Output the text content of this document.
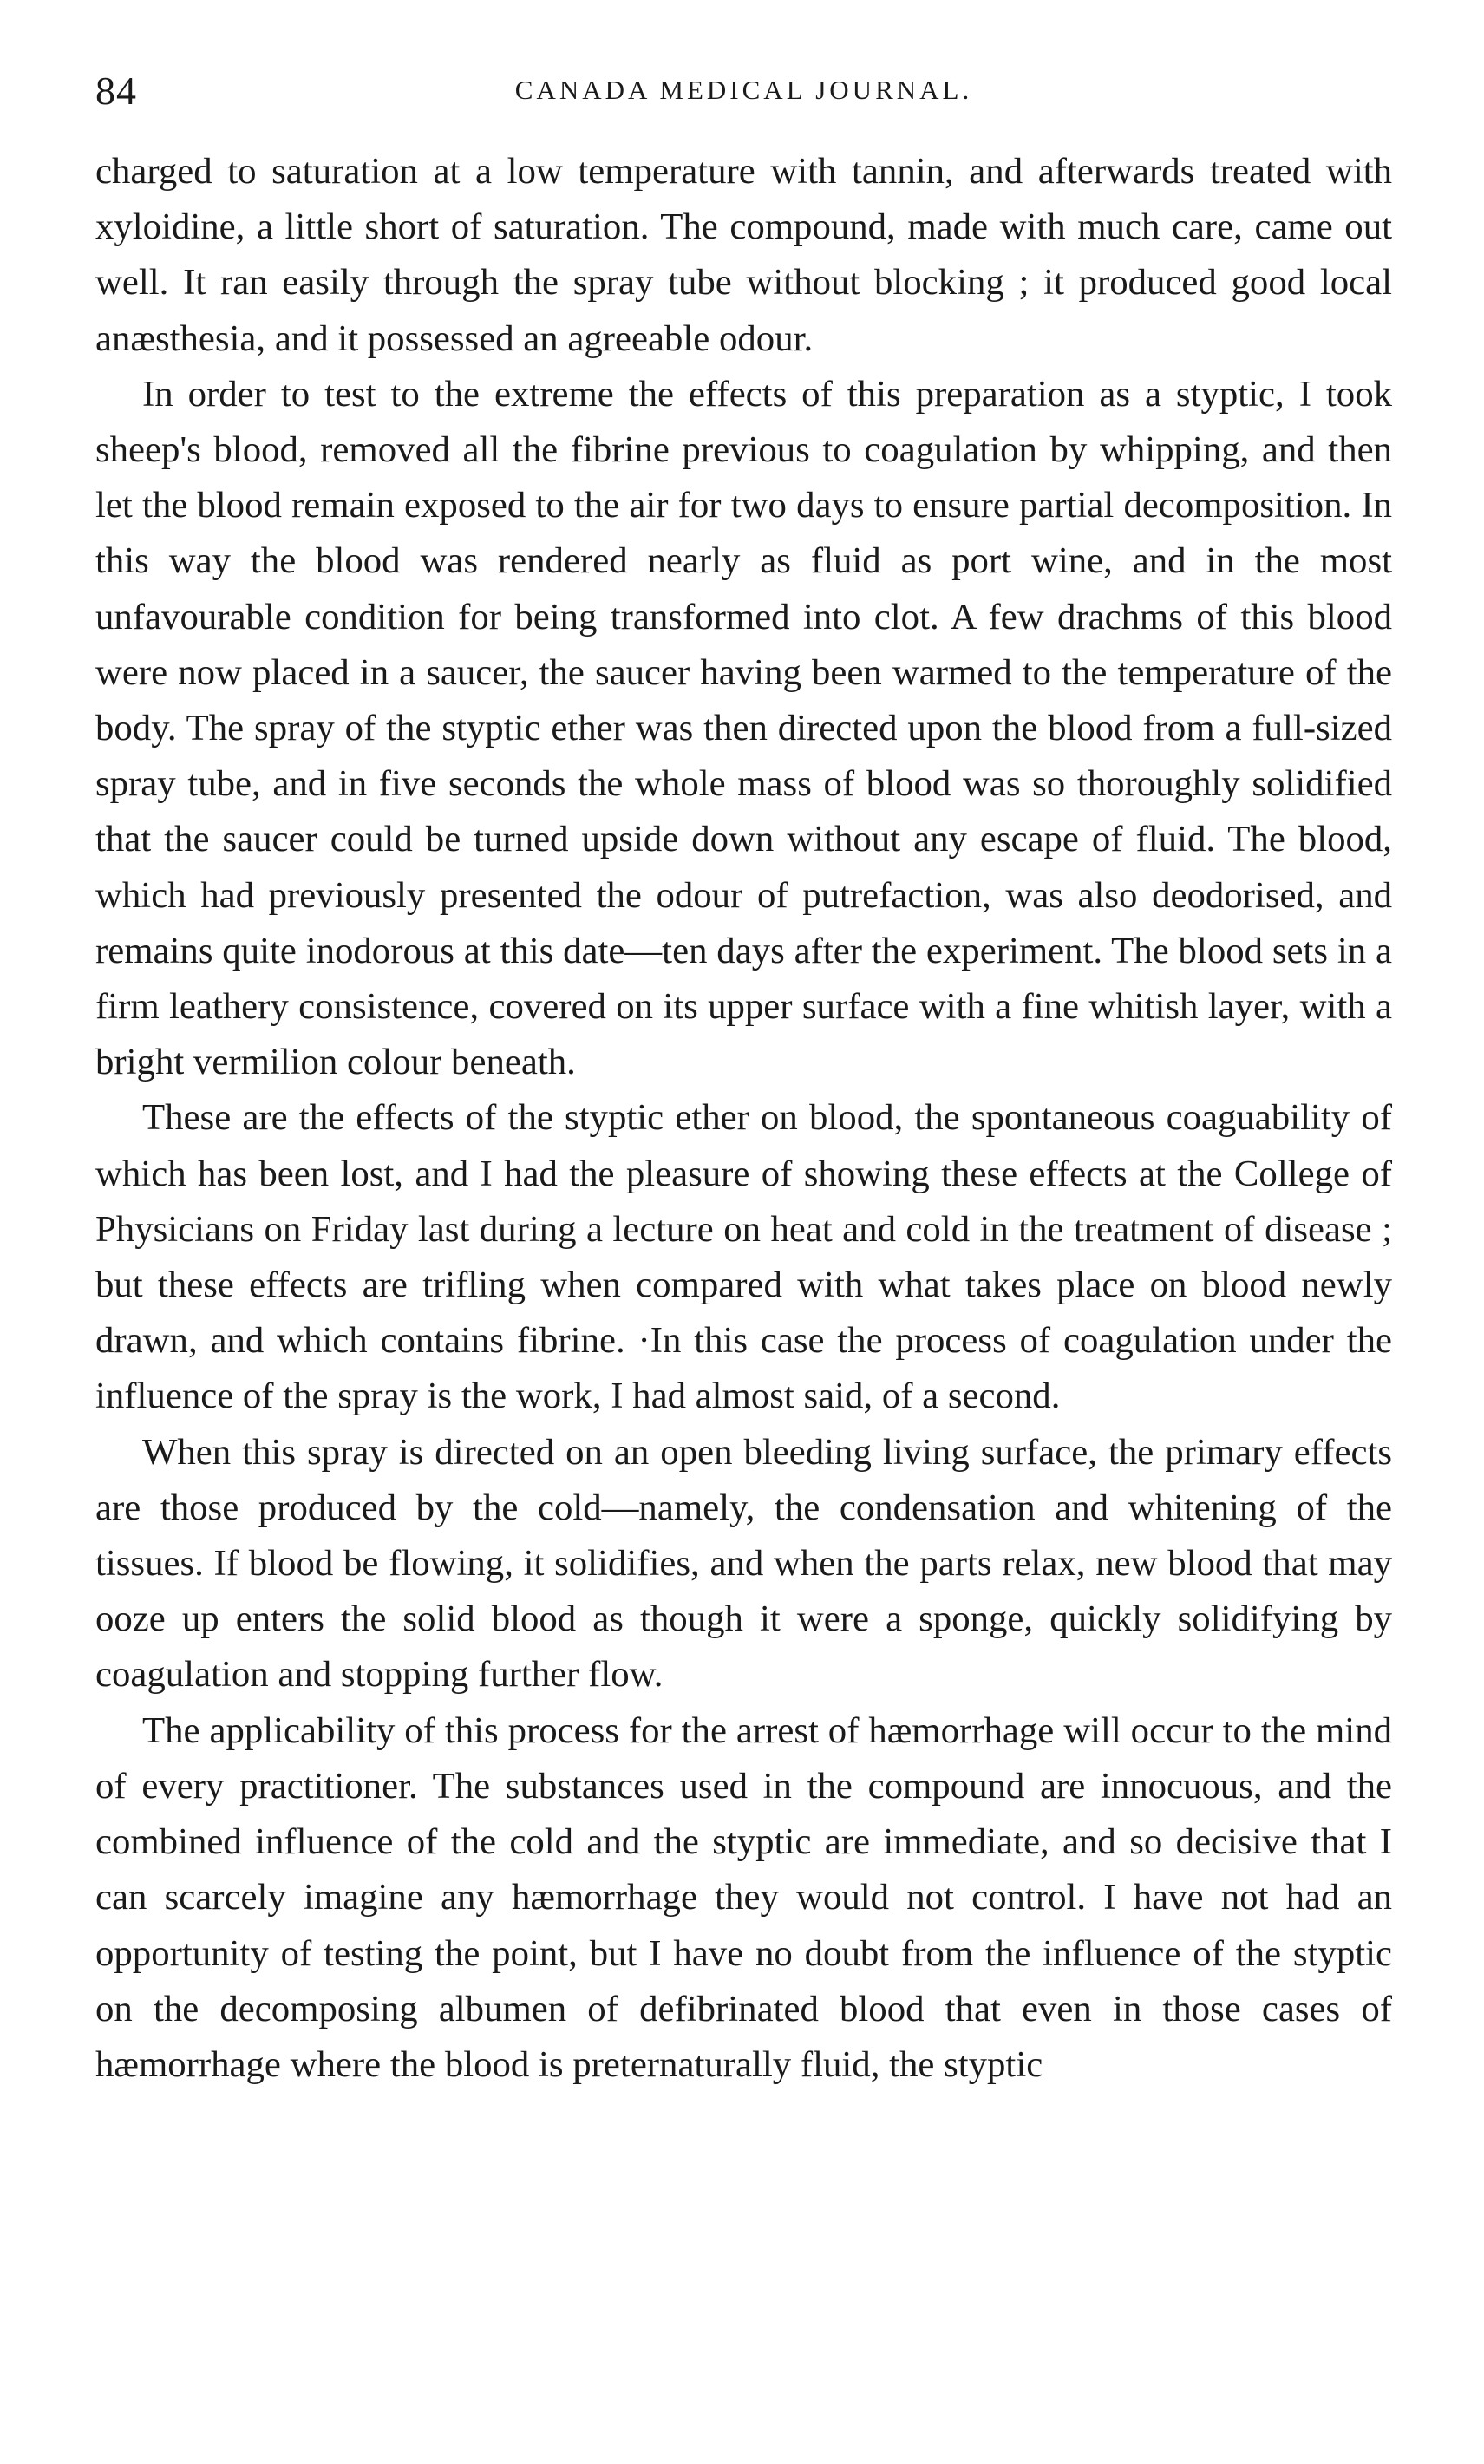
84	CANADA MEDICAL JOURNAL.

charged to saturation at a low temperature with tannin, and afterwards treated with xyloidine, a little short of saturation. The compound, made with much care, came out well. It ran easily through the spray tube without blocking ; it produced good local anæsthesia, and it possessed an agreeable odour.

In order to test to the extreme the effects of this preparation as a styptic, I took sheep's blood, removed all the fibrine previous to coagulation by whipping, and then let the blood remain exposed to the air for two days to ensure partial decomposition. In this way the blood was rendered nearly as fluid as port wine, and in the most unfavourable condition for being transformed into clot. A few drachms of this blood were now placed in a saucer, the saucer having been warmed to the temperature of the body. The spray of the styptic ether was then directed upon the blood from a full-sized spray tube, and in five seconds the whole mass of blood was so thoroughly solidified that the saucer could be turned upside down without any escape of fluid. The blood, which had previously presented the odour of putrefaction, was also deodorised, and remains quite inodorous at this date—ten days after the experiment. The blood sets in a firm leathery consistence, covered on its upper surface with a fine whitish layer, with a bright vermilion colour beneath.

These are the effects of the styptic ether on blood, the spontaneous coaguability of which has been lost, and I had the pleasure of showing these effects at the College of Physicians on Friday last during a lecture on heat and cold in the treatment of disease ; but these effects are trifling when compared with what takes place on blood newly drawn, and which contains fibrine. ·In this case the process of coagulation under the influence of the spray is the work, I had almost said, of a second.

When this spray is directed on an open bleeding living surface, the primary effects are those produced by the cold—namely, the condensation and whitening of the tissues. If blood be flowing, it solidifies, and when the parts relax, new blood that may ooze up enters the solid blood as though it were a sponge, quickly solidifying by coagulation and stopping further flow.

The applicability of this process for the arrest of hæmorrhage will occur to the mind of every practitioner. The substances used in the compound are innocuous, and the combined influence of the cold and the styptic are immediate, and so decisive that I can scarcely imagine any hæmorrhage they would not control. I have not had an opportunity of testing the point, but I have no doubt from the influence of the styptic on the decomposing albumen of defibrinated blood that even in those cases of hæmorrhage where the blood is preternaturally fluid, the styptic
